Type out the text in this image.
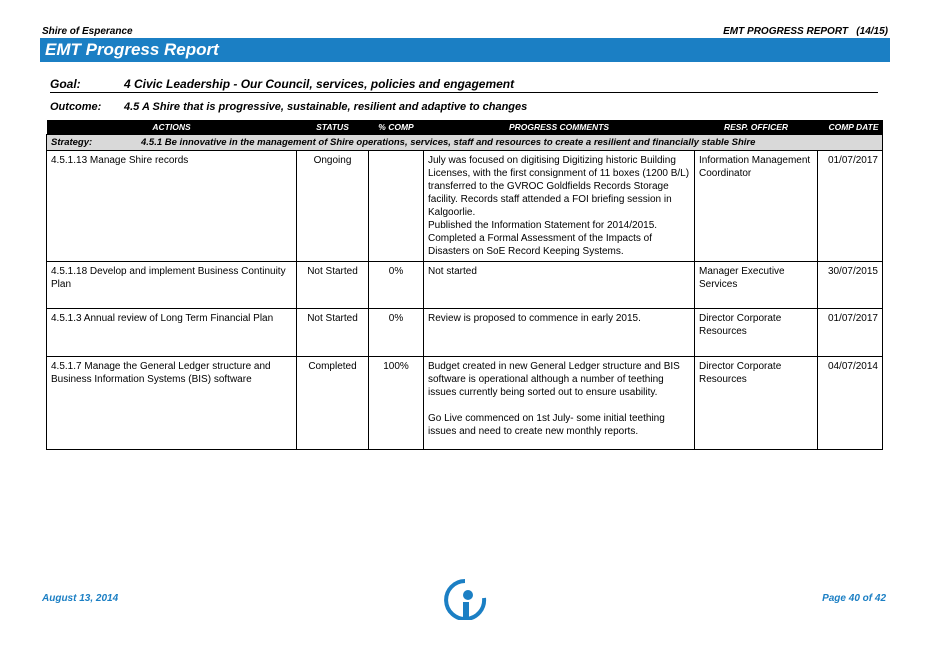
Shire of Esperance	EMT PROGRESS REPORT   (14/15)
EMT Progress Report
Goal:	4 Civic Leadership - Our Council, services, policies and engagement
Outcome: 4.5 A Shire that is progressive, sustainable, resilient and adaptive to changes
ACTIONS	STATUS	% COMP	PROGRESS COMMENTS	RESP. OFFICER	COMP DATE
Strategy: 4.5.1 Be innovative in the management of Shire operations, services, staff and resources to create a resilient and financially stable Shire					
4.5.1.13 Manage Shire records	Ongoing		July was focused on digitising Digitizing historic Building Licenses, with the first consignment of 11 boxes (1200 B/L) transferred to the GVROC Goldfields Records Storage facility. Records staff attended a FOI briefing session in Kalgoorlie.
Published the Information Statement for 2014/2015.
Completed a Formal Assessment of the Impacts of Disasters on SoE Record Keeping Systems.	Information Management Coordinator	01/07/2017
4.5.1.18 Develop and implement Business Continuity Plan	Not Started	0%	Not started	Manager Executive Services	30/07/2015
4.5.1.3 Annual review of Long Term Financial Plan	Not Started	0%	Review is proposed to commence in early 2015.	Director Corporate Resources	01/07/2017
4.5.1.7 Manage the General Ledger structure and Business Information Systems (BIS) software	Completed	100%	Budget created in new General Ledger structure and BIS software is operational although a number of teething issues currently being sorted out to ensure usability.

Go Live commenced on 1st July- some initial teething issues and need to create new monthly reports.	Director Corporate Resources	04/07/2014
August 13, 2014	Page 40 of 42
